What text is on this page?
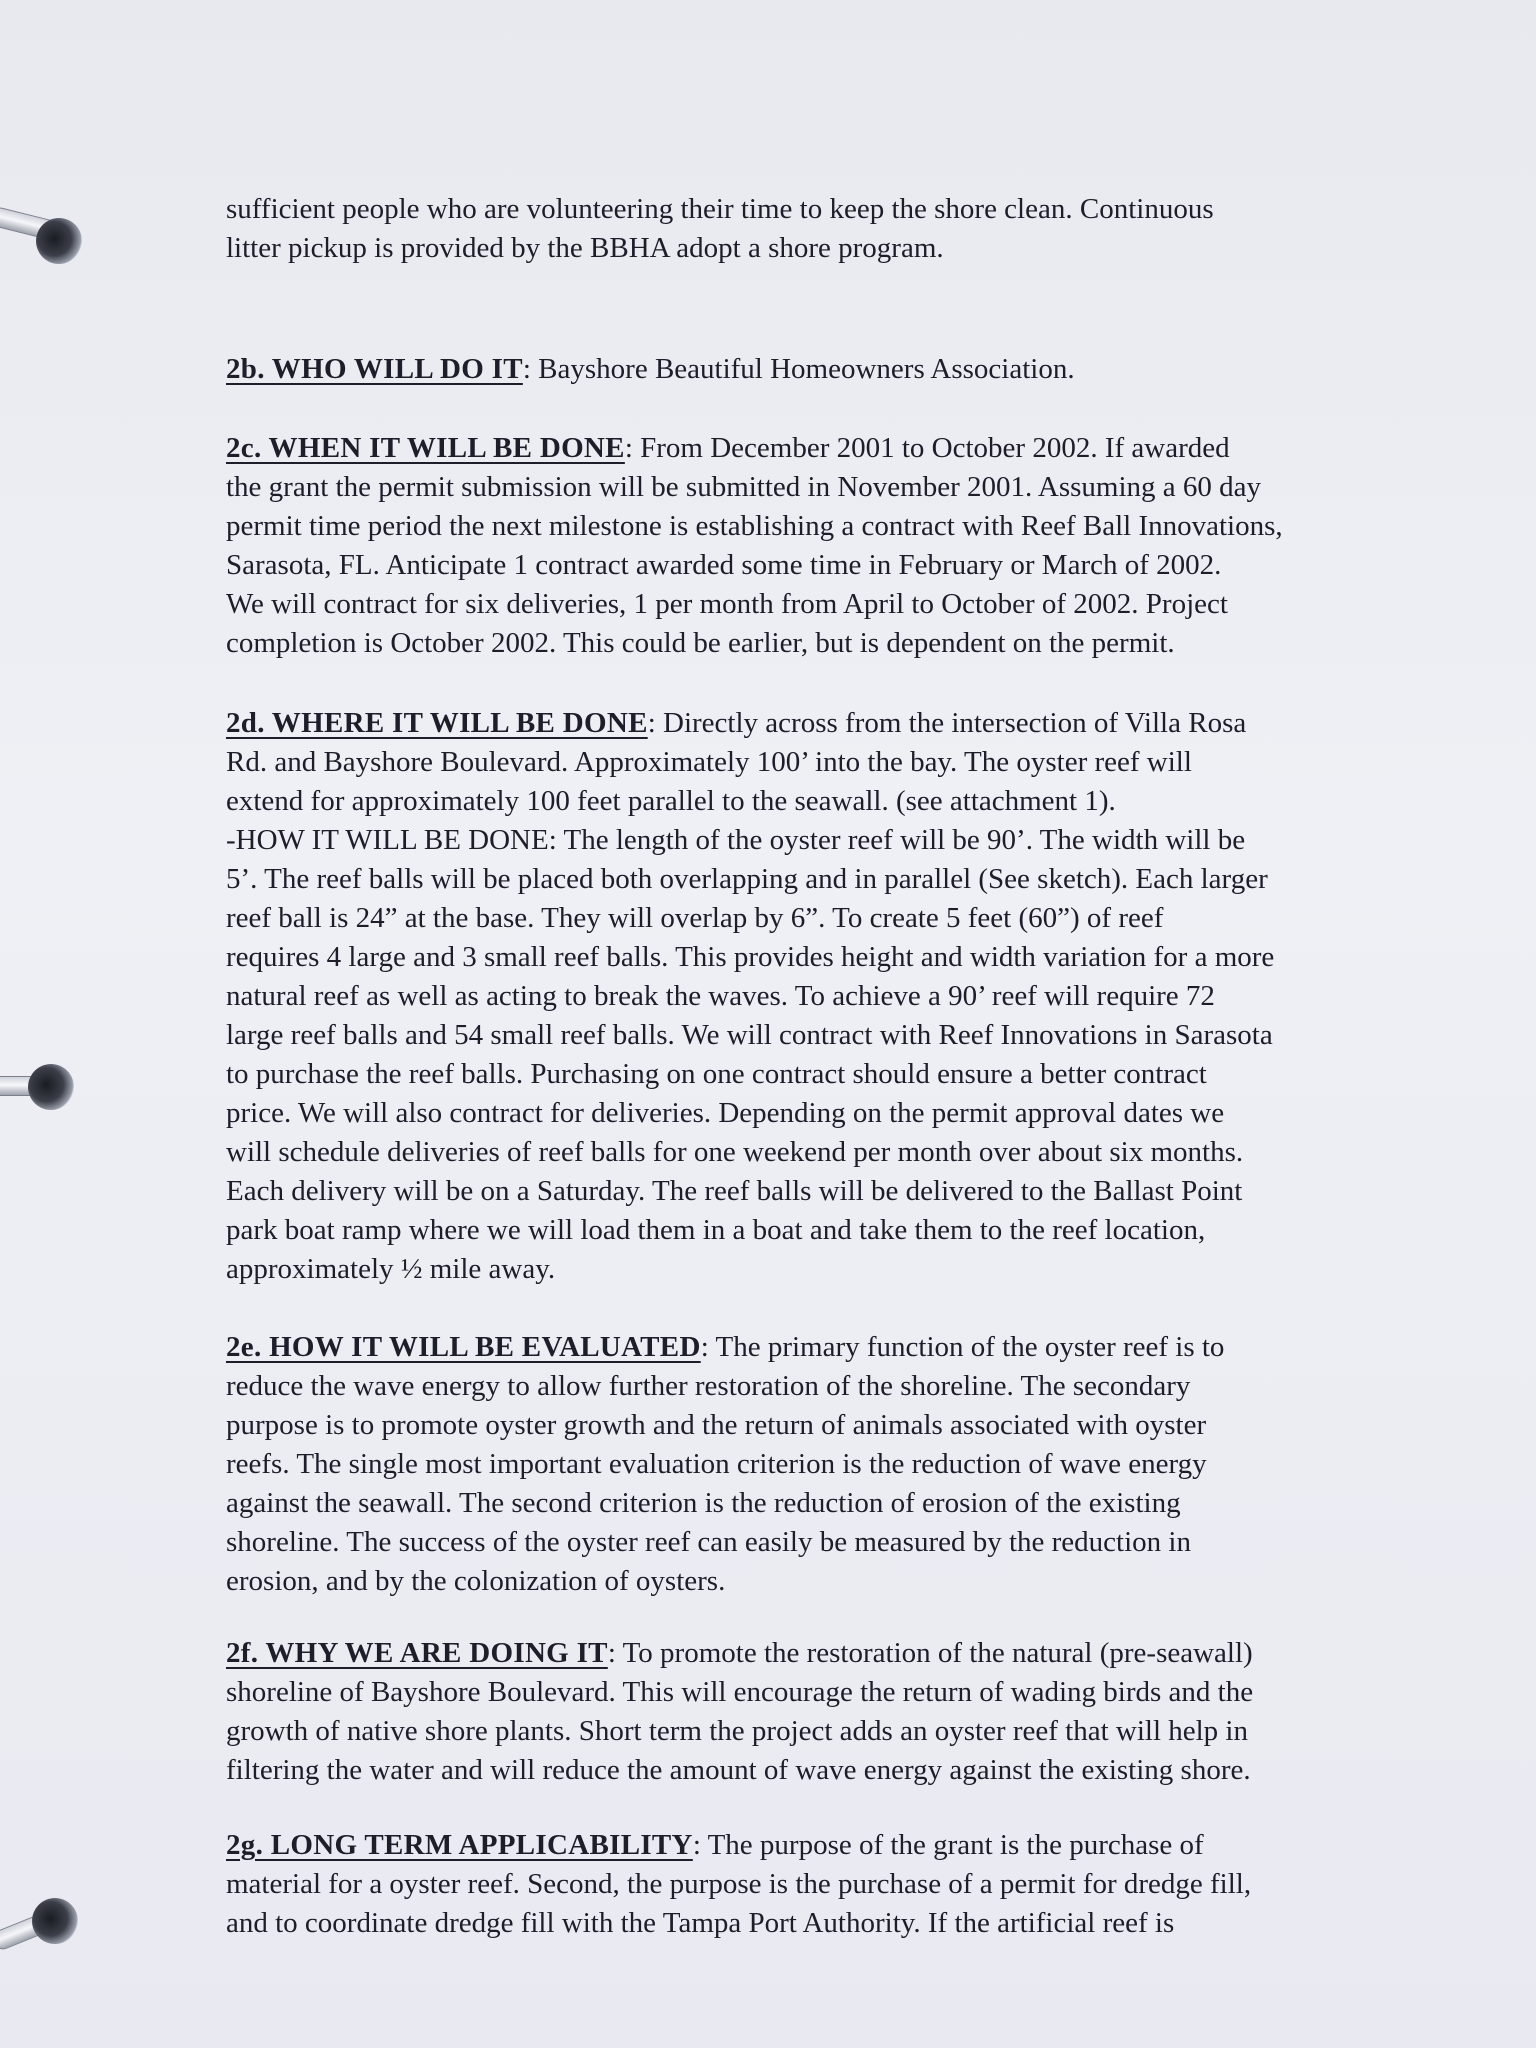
sufficient people who are volunteering their time to keep the shore clean. Continuous
litter pickup is provided by the BBHA adopt a shore program.
2b. WHO WILL DO IT: Bayshore Beautiful Homeowners Association.
2c. WHEN IT WILL BE DONE: From December 2001 to October 2002. If awarded
the grant the permit submission will be submitted in November 2001. Assuming a 60 day
permit time period the next milestone is establishing a contract with Reef Ball Innovations,
Sarasota, FL. Anticipate 1 contract awarded some time in February or March of 2002.
We will contract for six deliveries, 1 per month from April to October of 2002. Project
completion is October 2002. This could be earlier, but is dependent on the permit.
2d. WHERE IT WILL BE DONE: Directly across from the intersection of Villa Rosa
Rd. and Bayshore Boulevard. Approximately 100’ into the bay. The oyster reef will
extend for approximately 100 feet parallel to the seawall. (see attachment 1).
-HOW IT WILL BE DONE: The length of the oyster reef will be 90’. The width will be
5’. The reef balls will be placed both overlapping and in parallel (See sketch). Each larger
reef ball is 24” at the base. They will overlap by 6”. To create 5 feet (60”) of reef
requires 4 large and 3 small reef balls. This provides height and width variation for a more
natural reef as well as acting to break the waves. To achieve a 90’ reef will require 72
large reef balls and 54 small reef balls. We will contract with Reef Innovations in Sarasota
to purchase the reef balls. Purchasing on one contract should ensure a better contract
price. We will also contract for deliveries. Depending on the permit approval dates we
will schedule deliveries of reef balls for one weekend per month over about six months.
Each delivery will be on a Saturday. The reef balls will be delivered to the Ballast Point
park boat ramp where we will load them in a boat and take them to the reef location,
approximately ½ mile away.
2e. HOW IT WILL BE EVALUATED: The primary function of the oyster reef is to
reduce the wave energy to allow further restoration of the shoreline. The secondary
purpose is to promote oyster growth and the return of animals associated with oyster
reefs. The single most important evaluation criterion is the reduction of wave energy
against the seawall. The second criterion is the reduction of erosion of the existing
shoreline. The success of the oyster reef can easily be measured by the reduction in
erosion, and by the colonization of oysters.
2f. WHY WE ARE DOING IT: To promote the restoration of the natural (pre-seawall)
shoreline of Bayshore Boulevard. This will encourage the return of wading birds and the
growth of native shore plants. Short term the project adds an oyster reef that will help in
filtering the water and will reduce the amount of wave energy against the existing shore.
2g. LONG TERM APPLICABILITY: The purpose of the grant is the purchase of
material for a oyster reef. Second, the purpose is the purchase of a permit for dredge fill,
and to coordinate dredge fill with the Tampa Port Authority. If the artificial reef is
